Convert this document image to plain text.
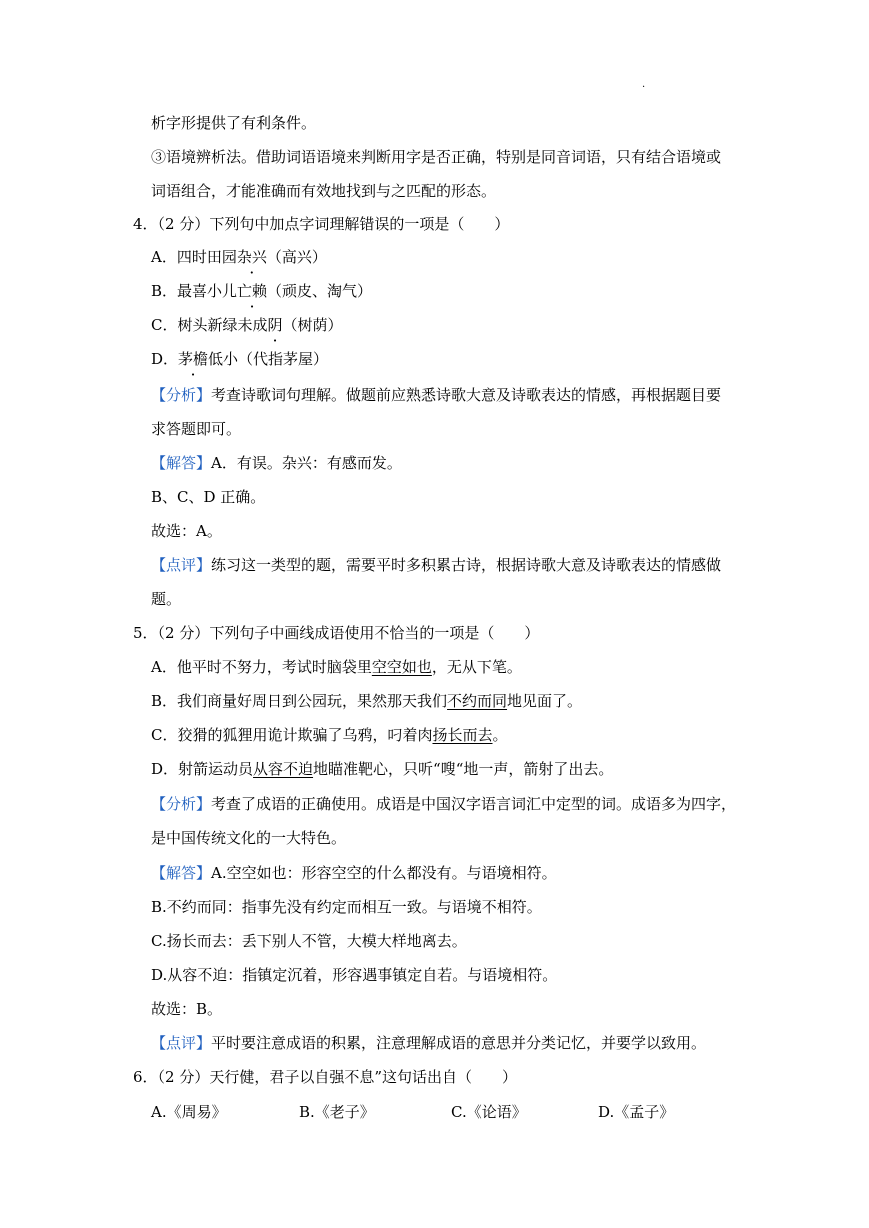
.
析字形提供了有利条件。
③语境辨析法。借助词语语境来判断用字是否正确，特别是同音词语，只有结合语境或
词语组合，才能准确而有效地找到与之匹配的形态。
4．（2 分）下列句中加点字词理解错误的一项是（　　）
A．四时田园杂兴（高兴）
B．最喜小儿亡赖（顽皮、淘气）
C．树头新绿未成阴（树荫）
D．茅檐低小（代指茅屋）
【分析】考查诗歌词句理解。做题前应熟悉诗歌大意及诗歌表达的情感，再根据题目要
求答题即可。
【解答】A．有误。杂兴：有感而发。
B、C、D 正确。
故选：A。
【点评】练习这一类型的题，需要平时多积累古诗，根据诗歌大意及诗歌表达的情感做
题。
5．（2 分）下列句子中画线成语使用不恰当的一项是（　　）
A．他平时不努力，考试时脑袋里空空如也，无从下笔。
B．我们商量好周日到公园玩，果然那天我们不约而同地见面了。
C．狡猾的狐狸用诡计欺骗了乌鸦，叼着肉扬长而去。
D．射箭运动员从容不迫地瞄准靶心，只听“嗖“地一声，箭射了出去。
【分析】考查了成语的正确使用。成语是中国汉字语言词汇中定型的词。成语多为四字，
是中国传统文化的一大特色。
【解答】A.空空如也：形容空空的什么都没有。与语境相符。
B.不约而同：指事先没有约定而相互一致。与语境不相符。
C.扬长而去：丢下别人不管，大模大样地离去。
D.从容不迫：指镇定沉着，形容遇事镇定自若。与语境相符。
故选：B。
【点评】平时要注意成语的积累，注意理解成语的意思并分类记忆，并要学以致用。
6．（2 分）天行健，君子以自强不息”这句话出自（　　）
A.《周易》	B.《老子》	C.《论语》	D.《孟子》
